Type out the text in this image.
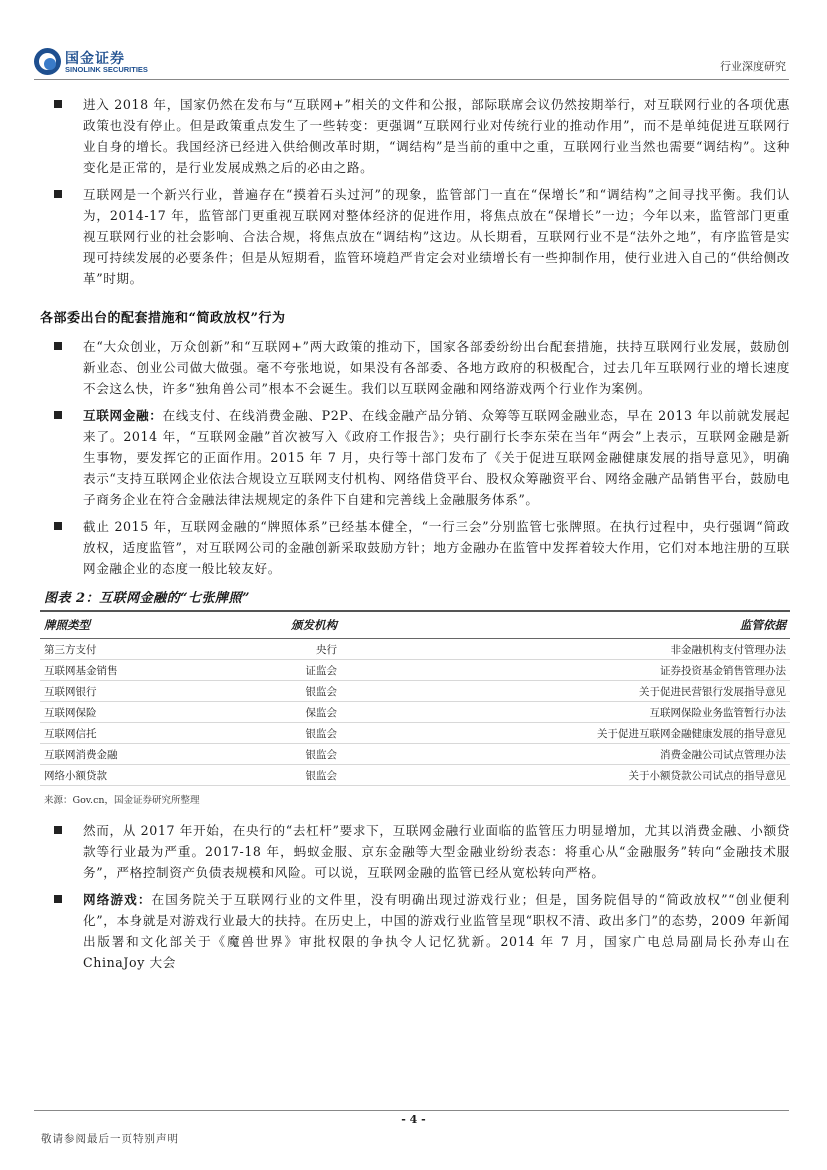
国金证券
SINOLINK SECURITIES	行业深度研究
进入 2018 年，国家仍然在发布与“互联网+”相关的文件和公报，部际联席会议仍然按期举行，对互联网行业的各项优惠政策也没有停止。但是政策重点发生了一些转变：更强调“互联网行业对传统行业的推动作用”，而不是单纯促进互联网行业自身的增长。我国经济已经进入供给侧改革时期，“调结构”是当前的重中之重，互联网行业当然也需要“调结构”。这种变化是正常的，是行业发展成熟之后的必由之路。
互联网是一个新兴行业，普遍存在“摸着石头过河”的现象，监管部门一直在“保增长”和“调结构”之间寻找平衡。我们认为，2014-17 年，监管部门更重视互联网对整体经济的促进作用，将焦点放在“保增长”一边；今年以来，监管部门更重视互联网行业的社会影响、合法合规，将焦点放在“调结构”这边。从长期看，互联网行业不是“法外之地”，有序监管是实现可持续发展的必要条件；但是从短期看，监管环境趋严肯定会对业绩增长有一些抑制作用，使行业进入自己的“供给侧改革”时期。
各部委出台的配套措施和“简政放权”行为
在“大众创业，万众创新”和“互联网+”两大政策的推动下，国家各部委纷纷出台配套措施，扶持互联网行业发展，鼓励创新业态、创业公司做大做强。毫不夸张地说，如果没有各部委、各地方政府的积极配合，过去几年互联网行业的增长速度不会这么快，许多“独角兽公司”根本不会诞生。我们以互联网金融和网络游戏两个行业作为案例。
互联网金融：在线支付、在线消费金融、P2P、在线金融产品分销、众筹等互联网金融业态，早在 2013 年以前就发展起来了。2014 年，“互联网金融”首次被写入《政府工作报告》；央行副行长李东荣在当年“两会”上表示，互联网金融是新生事物，要发挥它的正面作用。2015 年 7 月，央行等十部门发布了《关于促进互联网金融健康发展的指导意见》，明确表示“支持互联网企业依法合规设立互联网支付机构、网络借贷平台、股权众筹融资平台、网络金融产品销售平台，鼓励电子商务企业在符合金融法律法规规定的条件下自建和完善线上金融服务体系”。
截止 2015 年，互联网金融的“牌照体系”已经基本健全，“一行三会”分别监管七张牌照。在执行过程中，央行强调“简政放权，适度监管”，对互联网公司的金融创新采取鼓励方针；地方金融办在监管中发挥着较大作用，它们对本地注册的互联网金融企业的态度一般比较友好。
图表 2：互联网金融的“七张牌照”
牌照类型	颁发机构	监管依据
第三方支付	央行	非金融机构支付管理办法
互联网基金销售	证监会	证券投资基金销售管理办法
互联网银行	银监会	关于促进民营银行发展指导意见
互联网保险	保监会	互联网保险业务监管暂行办法
互联网信托	银监会	关于促进互联网金融健康发展的指导意见
互联网消费金融	银监会	消费金融公司试点管理办法
网络小额贷款	银监会	关于小额贷款公司试点的指导意见
来源：Gov.cn，国金证券研究所整理
然而，从 2017 年开始，在央行的“去杠杆”要求下，互联网金融行业面临的监管压力明显增加，尤其以消费金融、小额贷款等行业最为严重。2017-18 年，蚂蚁金服、京东金融等大型金融业纷纷表态：将重心从“金融服务”转向“金融技术服务”，严格控制资产负债表规模和风险。可以说，互联网金融的监管已经从宽松转向严格。
网络游戏：在国务院关于互联网行业的文件里，没有明确出现过游戏行业；但是，国务院倡导的“简政放权”“创业便利化”，本身就是对游戏行业最大的扶持。在历史上，中国的游戏行业监管呈现“职权不清、政出多门”的态势，2009 年新闻出版署和文化部关于《魔兽世界》审批权限的争执令人记忆犹新。2014 年 7 月，国家广电总局副局长孙寿山在 ChinaJoy 大会
- 4 -
敬请参阅最后一页特别声明
